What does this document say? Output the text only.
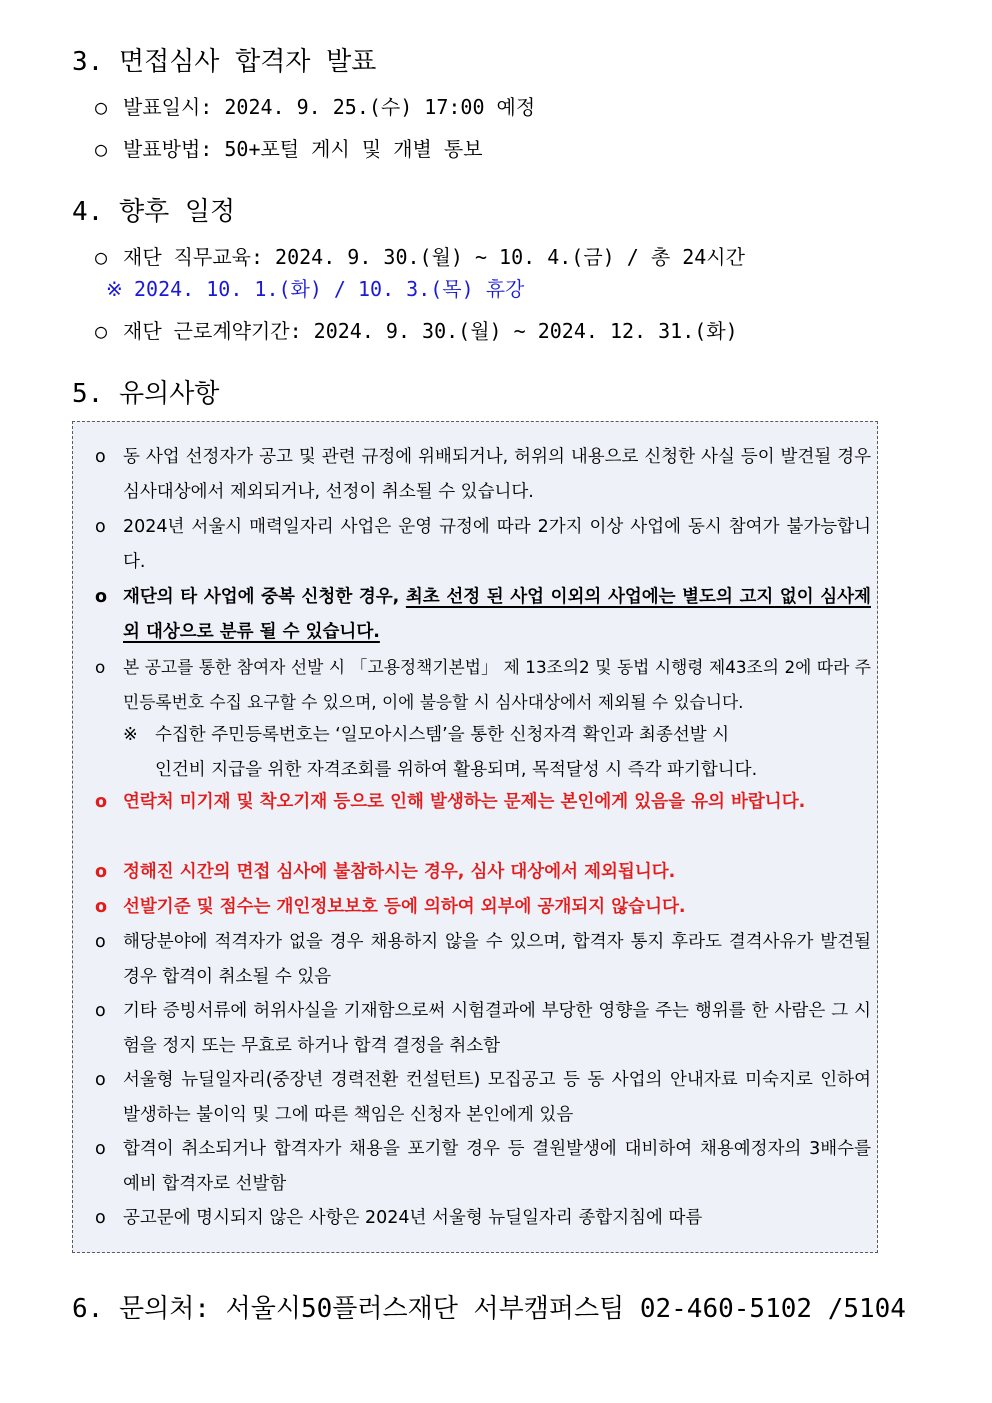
3. 면접심사 합격자 발표
○ 발표일시: 2024. 9. 25.(수) 17:00 예정
○ 발표방법: 50+포털 게시 및 개별 통보
4. 향후 일정
○ 재단 직무교육: 2024. 9. 30.(월) ~ 10. 4.(금) / 총 24시간
※ 2024. 10. 1.(화) / 10. 3.(목) 휴강
○ 재단 근로계약기간: 2024. 9. 30.(월) ~ 2024. 12. 31.(화)
5. 유의사항
o 동 사업 선정자가 공고 및 관련 규정에 위배되거나, 허위의 내용으로 신청한 사실 등이 발견될 경우 심사대상에서 제외되거나, 선정이 취소될 수 있습니다.
o 2024년 서울시 매력일자리 사업은 운영 규정에 따라 2가지 이상 사업에 동시 참여가 불가능합니다.
o 재단의 타 사업에 중복 신청한 경우, 최초 선정 된 사업 이외의 사업에는 별도의 고지 없이 심사제외 대상으로 분류 될 수 있습니다.
o 본 공고를 통한 참여자 선발 시 「고용정책기본법」 제 13조의2 및 동법 시행령 제43조의 2에 따라 주민등록번호 수집 요구할 수 있으며, 이에 불응할 시 심사대상에서 제외될 수 있습니다.
※ 수집한 주민등록번호는 ‘일모아시스템’을 통한 신청자격 확인과 최종선발 시
인건비 지급을 위한 자격조회를 위하여 활용되며, 목적달성 시 즉각 파기합니다.
o 연락처 미기재 및 착오기재 등으로 인해 발생하는 문제는 본인에게 있음을 유의 바랍니다.
o 정해진 시간의 면접 심사에 불참하시는 경우, 심사 대상에서 제외됩니다.
o 선발기준 및 점수는 개인정보보호 등에 의하여 외부에 공개되지 않습니다.
o 해당분야에 적격자가 없을 경우 채용하지 않을 수 있으며, 합격자 통지 후라도 결격사유가 발견될 경우 합격이 취소될 수 있음
o 기타 증빙서류에 허위사실을 기재함으로써 시험결과에 부당한 영향을 주는 행위를 한 사람은 그 시험을 정지 또는 무효로 하거나 합격 결정을 취소함
o 서울형 뉴딜일자리(중장년 경력전환 컨설턴트) 모집공고 등 동 사업의 안내자료 미숙지로 인하여 발생하는 불이익 및 그에 따른 책임은 신청자 본인에게 있음
o 합격이 취소되거나 합격자가 채용을 포기할 경우 등 결원발생에 대비하여 채용예정자의 3배수를 예비 합격자로 선발함
o 공고문에 명시되지 않은 사항은 2024년 서울형 뉴딜일자리 종합지침에 따름
6. 문의처: 서울시50플러스재단 서부캠퍼스팀 02-460-5102 /5104
